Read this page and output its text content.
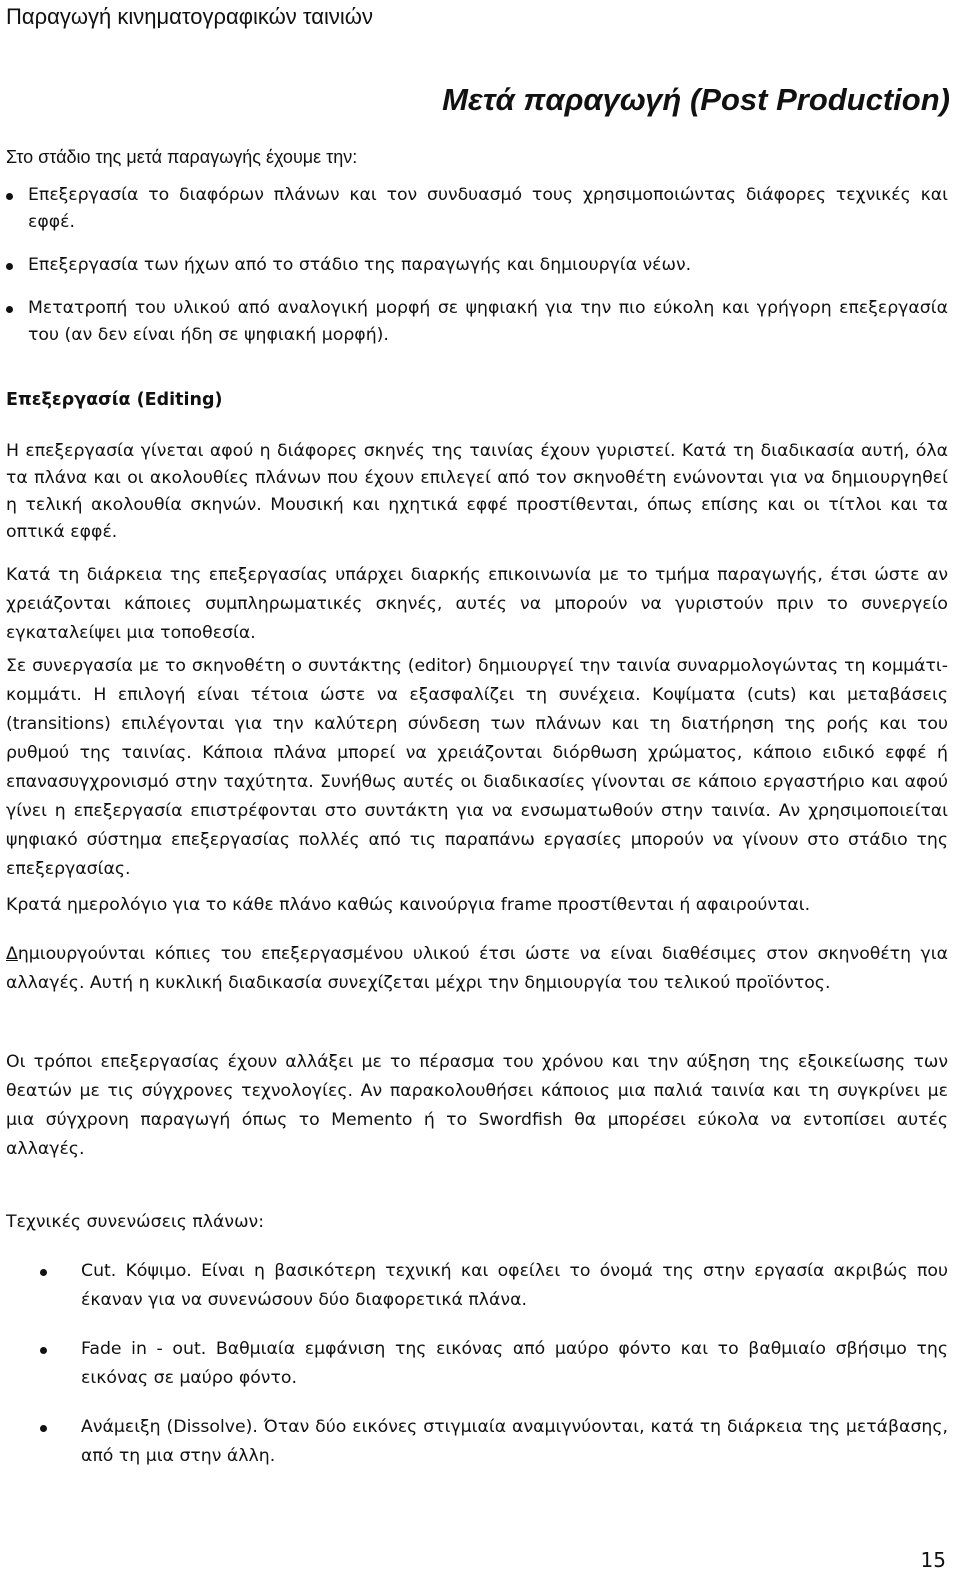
Παραγωγή κινηματογραφικών ταινιών

Μετά παραγωγή (Post Production)

Στο στάδιο της μετά παραγωγής έχουμε την:

Επεξεργασία το διαφόρων πλάνων και τον συνδυασμό τους χρησιμοποιώντας διάφορες τεχνικές και εφφέ.
Επεξεργασία των ήχων από το στάδιο της παραγωγής και δημιουργία νέων.
Μετατροπή του υλικού από αναλογική μορφή σε ψηφιακή για την πιο εύκολη και γρήγορη επεξεργασία του (αν δεν είναι ήδη σε ψηφιακή μορφή).
Επεξεργασία (Editing)

Η επεξεργασία γίνεται αφού η διάφορες σκηνές της ταινίας έχουν γυριστεί. Κατά τη διαδικασία αυτή, όλα τα πλάνα και οι ακολουθίες πλάνων που έχουν επιλεγεί από τον σκηνοθέτη ενώνονται για να δημιουργηθεί η τελική ακολουθία σκηνών. Μουσική και ηχητικά εφφέ προστίθενται, όπως επίσης και οι τίτλοι και τα οπτικά εφφέ.

Κατά τη διάρκεια της επεξεργασίας υπάρχει διαρκής επικοινωνία με το τμήμα παραγωγής, έτσι ώστε αν χρειάζονται κάποιες συμπληρωματικές σκηνές, αυτές να μπορούν να γυριστούν πριν το συνεργείο εγκαταλείψει μια τοποθεσία.

Σε συνεργασία με το σκηνοθέτη ο συντάκτης (editor) δημιουργεί την ταινία συναρμολογώντας τη κομμάτι-κομμάτι. Η επιλογή είναι τέτοια ώστε να εξασφαλίζει τη συνέχεια. Κοψίματα (cuts) και μεταβάσεις (transitions) επιλέγονται για την καλύτερη σύνδεση των πλάνων και τη διατήρηση της ροής και του ρυθμού της ταινίας. Κάποια πλάνα μπορεί να χρειάζονται διόρθωση χρώματος, κάποιο ειδικό εφφέ ή επανασυγχρονισμό στην ταχύτητα. Συνήθως αυτές οι διαδικασίες γίνονται σε κάποιο εργαστήριο και αφού γίνει η επεξεργασία επιστρέφονται στο συντάκτη για να ενσωματωθούν στην ταινία. Αν χρησιμοποιείται ψηφιακό σύστημα επεξεργασίας πολλές από τις παραπάνω εργασίες μπορούν να γίνουν στο στάδιο της επεξεργασίας.

Κρατά ημερολόγιο για το κάθε πλάνο καθώς καινούργια frame προστίθενται ή αφαιρούνται.

Δημιουργούνται κόπιες του επεξεργασμένου υλικού έτσι ώστε να είναι διαθέσιμες στον σκηνοθέτη για αλλαγές. Αυτή η κυκλική διαδικασία συνεχίζεται μέχρι την δημιουργία του τελικού προϊόντος.

Οι τρόποι επεξεργασίας έχουν αλλάξει με το πέρασμα του χρόνου και την αύξηση της εξοικείωσης των θεατών με τις σύγχρονες τεχνολογίες. Αν παρακολουθήσει κάποιος μια παλιά ταινία και τη συγκρίνει με μια σύγχρονη παραγωγή όπως το Memento ή το Swordfish θα μπορέσει εύκολα να εντοπίσει αυτές αλλαγές.

Τεχνικές συνενώσεις πλάνων:

Cut. Κόψιμο. Είναι η βασικότερη τεχνική και οφείλει το όνομά της στην εργασία ακριβώς που έκαναν για να συνενώσουν δύο διαφορετικά πλάνα.
Fade in - out. Βαθμιαία εμφάνιση της εικόνας από μαύρο φόντο και το βαθμιαίο σβήσιμο της εικόνας σε μαύρο φόντο.
Ανάμειξη (Dissolve). Όταν δύο εικόνες στιγμιαία αναμιγνύονται, κατά τη διάρκεια της μετάβασης, από τη μια στην άλλη.

15
